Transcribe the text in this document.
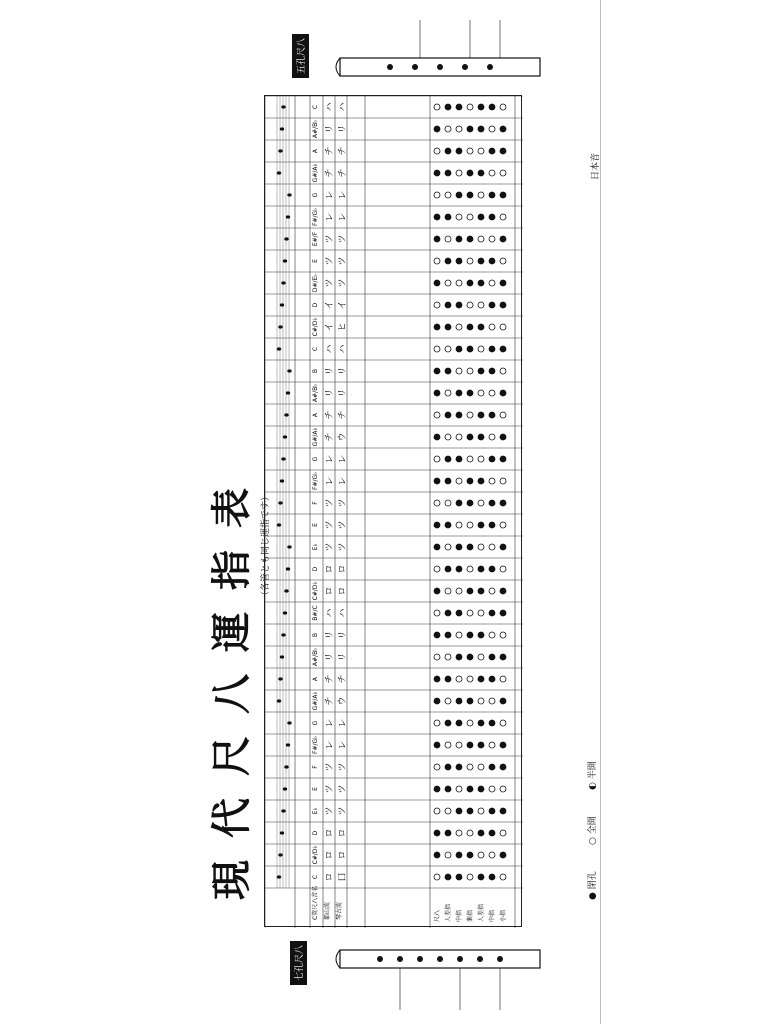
現代尺八運指表 （各管とも同じ運指です）
五孔尺八
七孔尺八
C ロ 口
C#/D♭ ロ ロ
D ロ ロ
E♭ ツ ツ
E ツ ツ
F ツ ツ
F#/G♭ レ レ
G レ レ
G#/A♭ チ ウ
A チ チ
A#/B♭ リ リ
B リ リ
B#/C ハ ハ
C#/D♭ ロ ロ
D ロ ロ
E♭ ツ ツ
E ツ ツ
F ツ ツ
F#/G♭ レ レ
G レ レ
G#/A♭ チ ウ
A チ チ
A#/B♭ リ リ
B リ リ
C ハ ハ
C#/D♭ イ ヒ
D イ イ
D#/E♭ ツ ツ
E ツ ツ
E#/F ツ ツ
F#/G♭ レ レ
G レ レ
G#/A♭ チ チ
A チ チ
A#/B♭ リ リ
C ハ ハ
C管尺八音名 都山流 琴古流	尺八 人差指 中指 薬指 人差指 中指 小指
日本音
● 閉孔
○ 全開
◐ 半開
